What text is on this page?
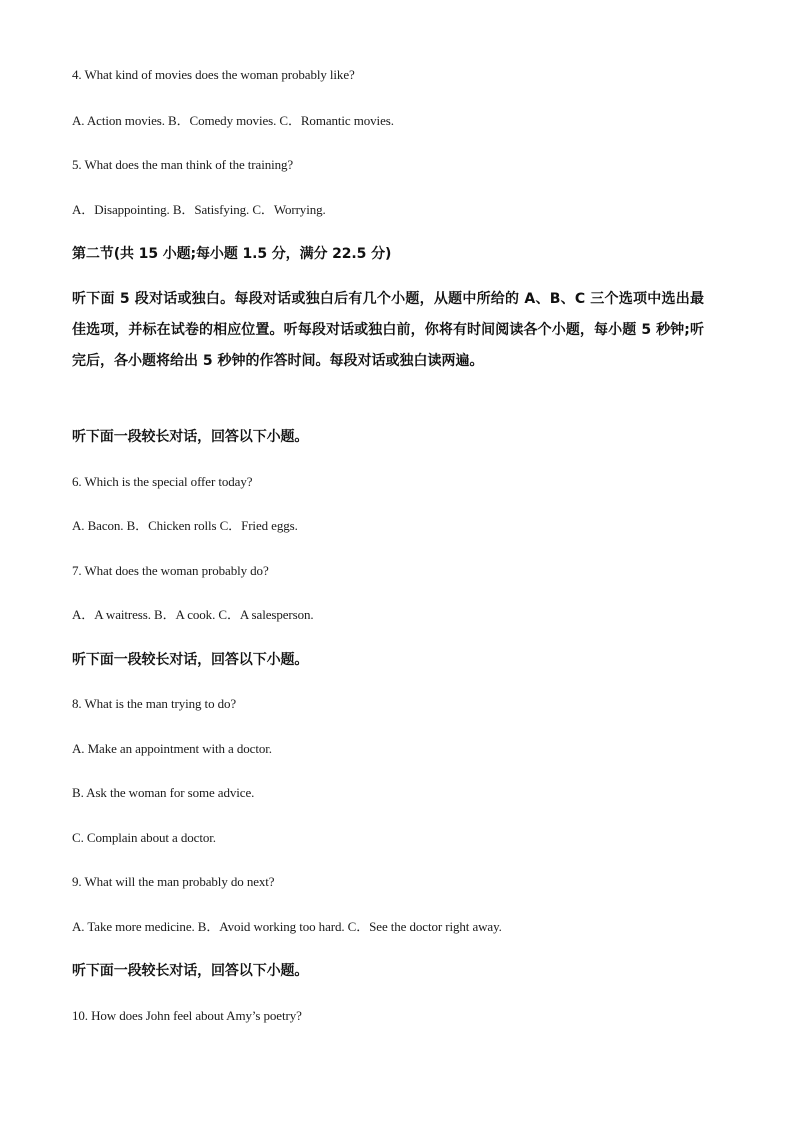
4. What kind of movies does the woman probably like?
A. Action movies. B．Comedy movies. C．Romantic movies.
5. What does the man think of the training?
A．Disappointing. B．Satisfying. C．Worrying.
第二节(共 15 小题;每小题 1.5 分，满分 22.5 分)
听下面 5 段对话或独白。每段对话或独白后有几个小题，从题中所给的 A、B、C 三个选项中选出最佳选项，并标在试卷的相应位置。听每段对话或独白前，你将有时间阅读各个小题，每小题 5 秒钟;听完后，各小题将给出 5 秒钟的作答时间。每段对话或独白读两遍。
听下面一段较长对话，回答以下小题。
6. Which is the special offer today?
A. Bacon. B．Chicken rolls C．Fried eggs.
7. What does the woman probably do?
A．A waitress. B．A cook. C．A salesperson.
听下面一段较长对话，回答以下小题。
8. What is the man trying to do?
A. Make an appointment with a doctor.
B. Ask the woman for some advice.
C. Complain about a doctor.
9. What will the man probably do next?
A. Take more medicine. B．Avoid working too hard. C．See the doctor right away.
听下面一段较长对话，回答以下小题。
10. How does John feel about Amy’s poetry?
